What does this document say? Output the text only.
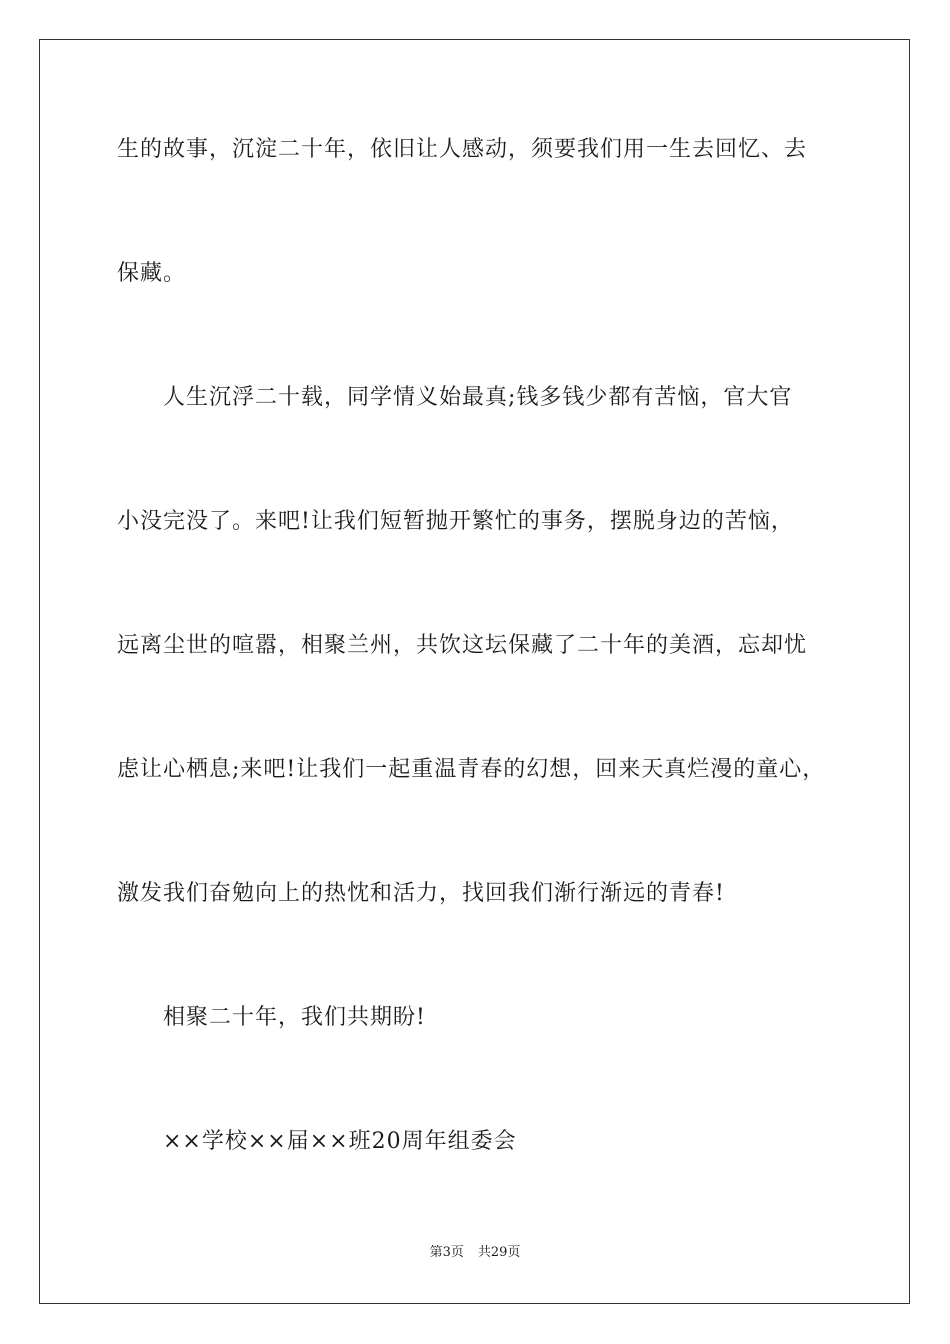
生的故事，沉淀二十年，依旧让人感动，须要我们用一生去回忆、去
保藏。
人生沉浮二十载，同学情义始最真;钱多钱少都有苦恼，官大官
小没完没了。来吧!让我们短暂抛开繁忙的事务，摆脱身边的苦恼，
远离尘世的喧嚣，相聚兰州，共饮这坛保藏了二十年的美酒，忘却忧
虑让心栖息;来吧!让我们一起重温青春的幻想，回来天真烂漫的童心，
激发我们奋勉向上的热忱和活力，找回我们渐行渐远的青春!
相聚二十年，我们共期盼!
××学校××届××班20周年组委会
第3页 共29页
